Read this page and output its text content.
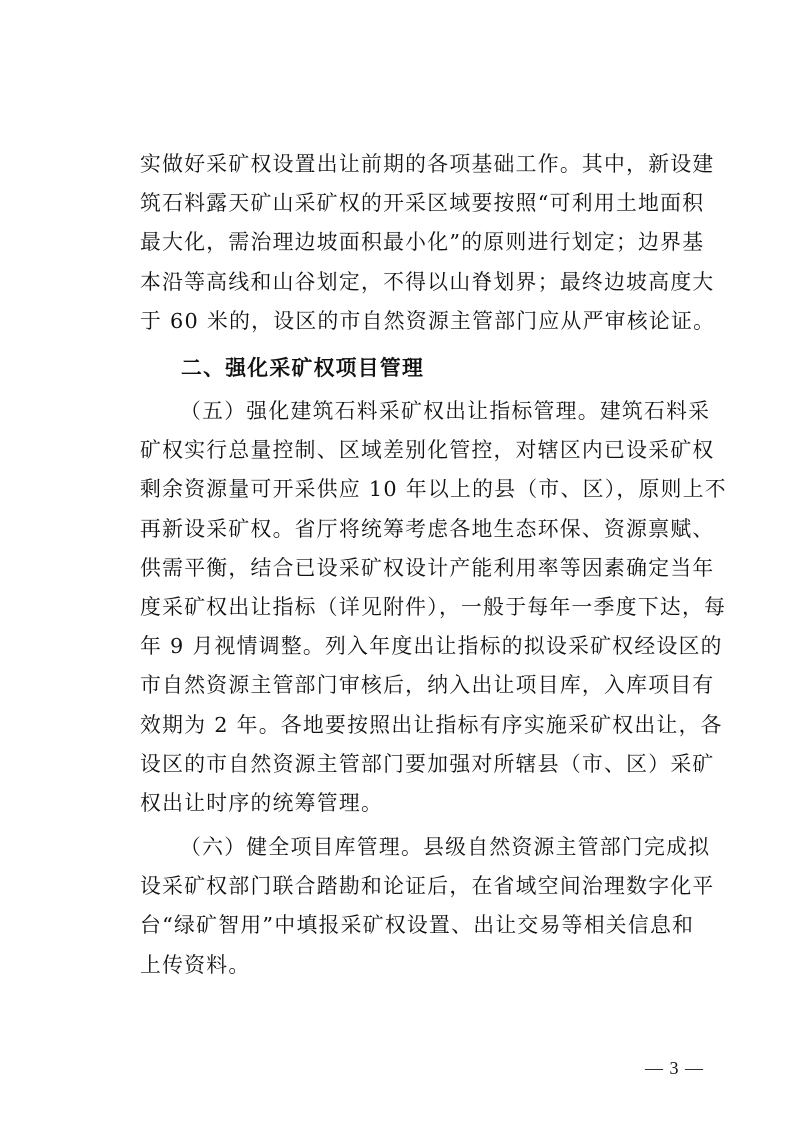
实做好采矿权设置出让前期的各项基础工作。其中，新设建
筑石料露天矿山采矿权的开采区域要按照“可利用土地面积
最大化，需治理边坡面积最小化”的原则进行划定；边界基
本沿等高线和山谷划定，不得以山脊划界；最终边坡高度大
于 60 米的，设区的市自然资源主管部门应从严审核论证。
二、强化采矿权项目管理
（五）强化建筑石料采矿权出让指标管理。建筑石料采
矿权实行总量控制、区域差别化管控，对辖区内已设采矿权
剩余资源量可开采供应 10 年以上的县（市、区），原则上不
再新设采矿权。省厅将统筹考虑各地生态环保、资源禀赋、
供需平衡，结合已设采矿权设计产能利用率等因素确定当年
度采矿权出让指标（详见附件），一般于每年一季度下达，每
年 9 月视情调整。列入年度出让指标的拟设采矿权经设区的
市自然资源主管部门审核后，纳入出让项目库，入库项目有
效期为 2 年。各地要按照出让指标有序实施采矿权出让，各
设区的市自然资源主管部门要加强对所辖县（市、区）采矿
权出让时序的统筹管理。
（六）健全项目库管理。县级自然资源主管部门完成拟
设采矿权部门联合踏勘和论证后，在省域空间治理数字化平
台“绿矿智用”中填报采矿权设置、出让交易等相关信息和
上传资料。
— 3 —
